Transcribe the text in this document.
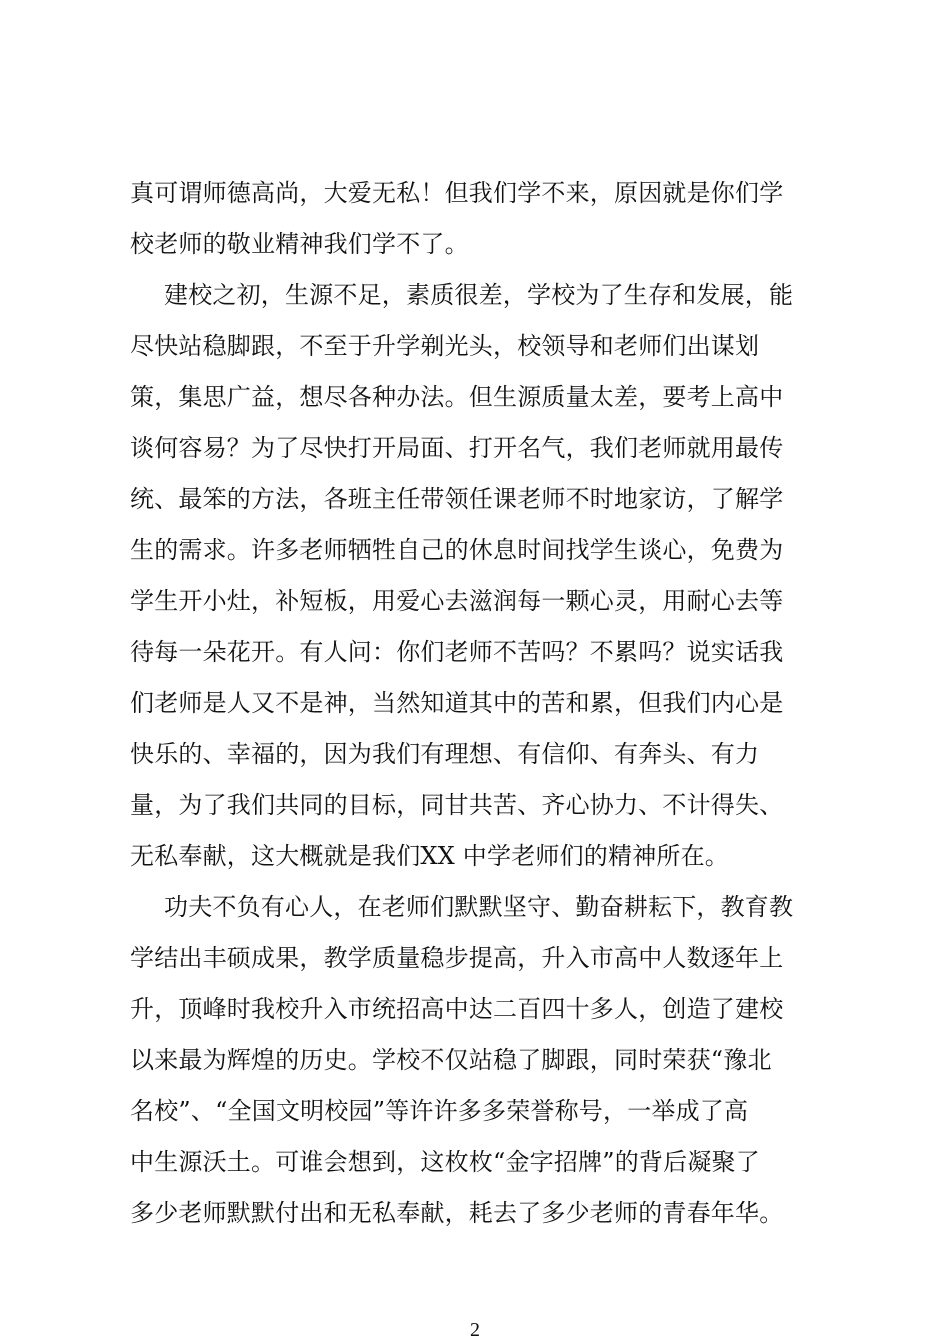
真可谓师德高尚，大爱无私！但我们学不来，原因就是你们学
校老师的敬业精神我们学不了。
建校之初，生源不足，素质很差，学校为了生存和发展，能
尽快站稳脚跟，不至于升学剃光头，校领导和老师们出谋划
策，集思广益，想尽各种办法。但生源质量太差，要考上高中
谈何容易？为了尽快打开局面、打开名气，我们老师就用最传
统、最笨的方法，各班主任带领任课老师不时地家访，了解学
生的需求。许多老师牺牲自己的休息时间找学生谈心，免费为
学生开小灶，补短板，用爱心去滋润每一颗心灵，用耐心去等
待每一朵花开。有人问：你们老师不苦吗？不累吗？说实话我
们老师是人又不是神，当然知道其中的苦和累，但我们内心是
快乐的、幸福的，因为我们有理想、有信仰、有奔头、有力
量，为了我们共同的目标，同甘共苦、齐心协力、不计得失、
无私奉献，这大概就是我们XX 中学老师们的精神所在。
功夫不负有心人，在老师们默默坚守、勤奋耕耘下，教育教
学结出丰硕成果，教学质量稳步提高，升入市高中人数逐年上
升，顶峰时我校升入市统招高中达二百四十多人，创造了建校
以来最为辉煌的历史。学校不仅站稳了脚跟，同时荣获“豫北
名校”、“全国文明校园”等许许多多荣誉称号，一举成了高
中生源沃土。可谁会想到，这枚枚“金字招牌”的背后凝聚了
多少老师默默付出和无私奉献，耗去了多少老师的青春年华。
2
